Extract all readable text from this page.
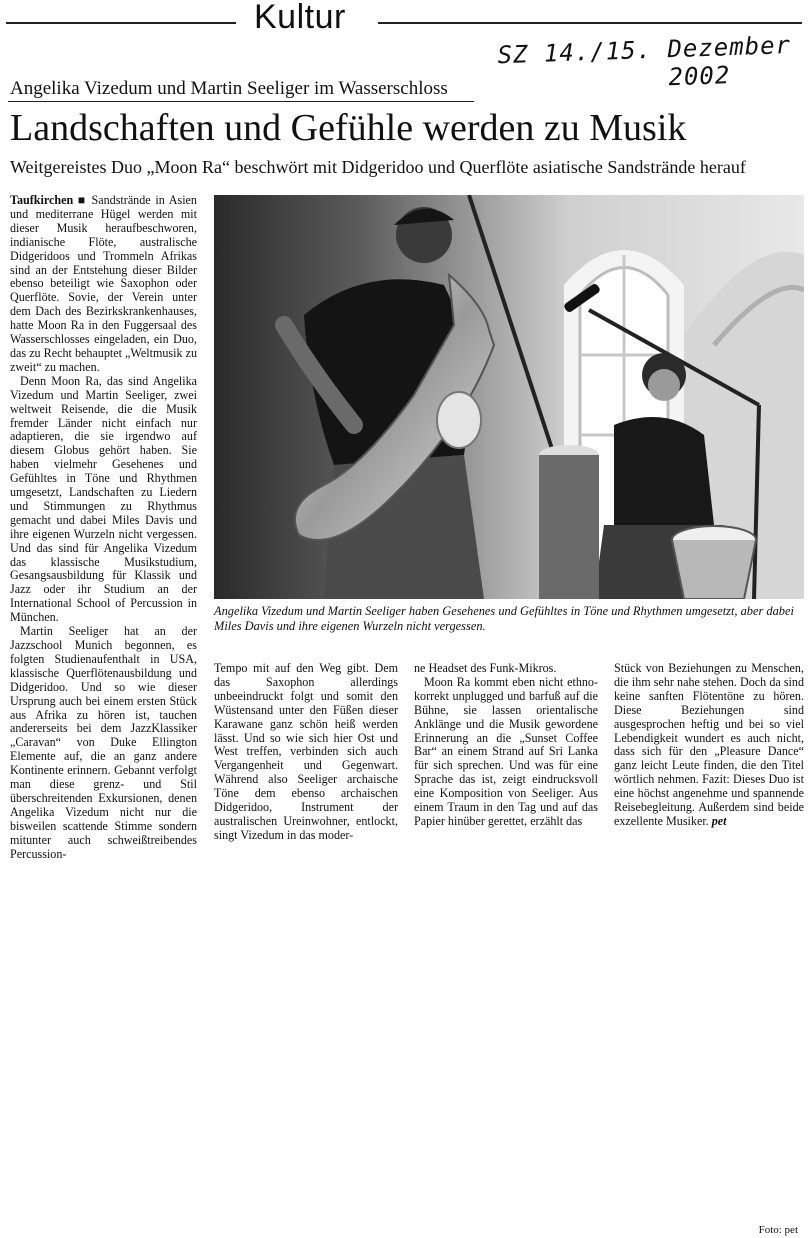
Kultur
SZ 14./15. Dezember
2002
Angelika Vizedum und Martin Seeliger im Wasserschloss
Landschaften und Gefühle werden zu Musik
Weitgereistes Duo „Moon Ra“ beschwört mit Didgeridoo und Querflöte asiatische Sandstrände herauf

Taufkirchen ■ Sandstrände in Asien und mediterrane Hügel werden mit dieser Musik heraufbeschworen, indianische Flöte, australische Didgeridoos und Trommeln Afrikas sind an der Entstehung dieser Bilder ebenso beteiligt wie Saxophon oder Querflöte. Sovie, der Verein unter dem Dach des Bezirkskrankenhauses, hatte Moon Ra in den Fuggersaal des Wasserschlosses eingeladen, ein Duo, das zu Recht behauptet „Weltmusik zu zweit“ zu machen.

Denn Moon Ra, das sind Angelika Vizedum und Martin Seeliger, zwei weltweit Reisende, die die Musik fremder Länder nicht einfach nur adaptieren, die sie irgendwo auf diesem Globus gehört haben. Sie haben vielmehr Gesehenes und Gefühltes in Töne und Rhythmen umgesetzt, Landschaften zu Liedern und Stimmungen zu Rhythmus gemacht und dabei Miles Davis und ihre eigenen Wurzeln nicht vergessen. Und das sind für Angelika Vizedum das klassische Musikstudium, Gesangsausbildung für Klassik und Jazz oder ihr Studium an der International School of Percussion in München.

Martin Seeliger hat an der Jazzschool Munich begonnen, es folgten Studienaufenthalt in USA, klassische Querflötenausbildung und Didgeridoo. Und so wie dieser Ursprung auch bei einem ersten Stück aus Afrika zu hören ist, tauchen andererseits bei dem JazzKlassiker „Caravan“ von Duke Ellington Elemente auf, die an ganz andere Kontinente erinnern. Gebannt verfolgt man diese grenz- und Stil überschreitenden Exkursionen, denen Angelika Vizedum nicht nur die bisweilen scattende Stimme sondern mitunter auch schweißtreibendes Percussion-

Angelika Vizedum und Martin Seeliger haben Gesehenes und Gefühltes in Töne und Rhythmen umgesetzt, aber dabei Miles Davis und ihre eigenen Wurzeln nicht vergessen.
Foto: pet

Tempo mit auf den Weg gibt. Dem das Saxophon allerdings unbeeindruckt folgt und somit den Wüstensand unter den Füßen dieser Karawane ganz schön heiß werden lässt. Und so wie sich hier Ost und West treffen, verbinden sich auch Vergangenheit und Gegenwart. Während also Seeliger archaische Töne dem ebenso archaischen Didgeridoo, Instrument der australischen Ureinwohner, entlockt, singt Vizedum in das moder-

ne Headset des Funk-Mikros.

Moon Ra kommt eben nicht ethno-korrekt unplugged und barfuß auf die Bühne, sie lassen orientalische Anklänge und die Musik gewordene Erinnerung an die „Sunset Coffee Bar“ an einem Strand auf Sri Lanka für sich sprechen. Und was für eine Sprache das ist, zeigt eindrucksvoll eine Komposition von Seeliger. Aus einem Traum in den Tag und auf das Papier hinüber gerettet, erzählt das

Stück von Beziehungen zu Menschen, die ihm sehr nahe stehen. Doch da sind keine sanften Flötentöne zu hören. Diese Beziehungen sind ausgesprochen heftig und bei so viel Lebendigkeit wundert es auch nicht, dass sich für den „Pleasure Dance“ ganz leicht Leute finden, die den Titel wörtlich nehmen. Fazit: Dieses Duo ist eine höchst angenehme und spannende Reisebegleitung. Außerdem sind beide exzellente Musiker. pet
